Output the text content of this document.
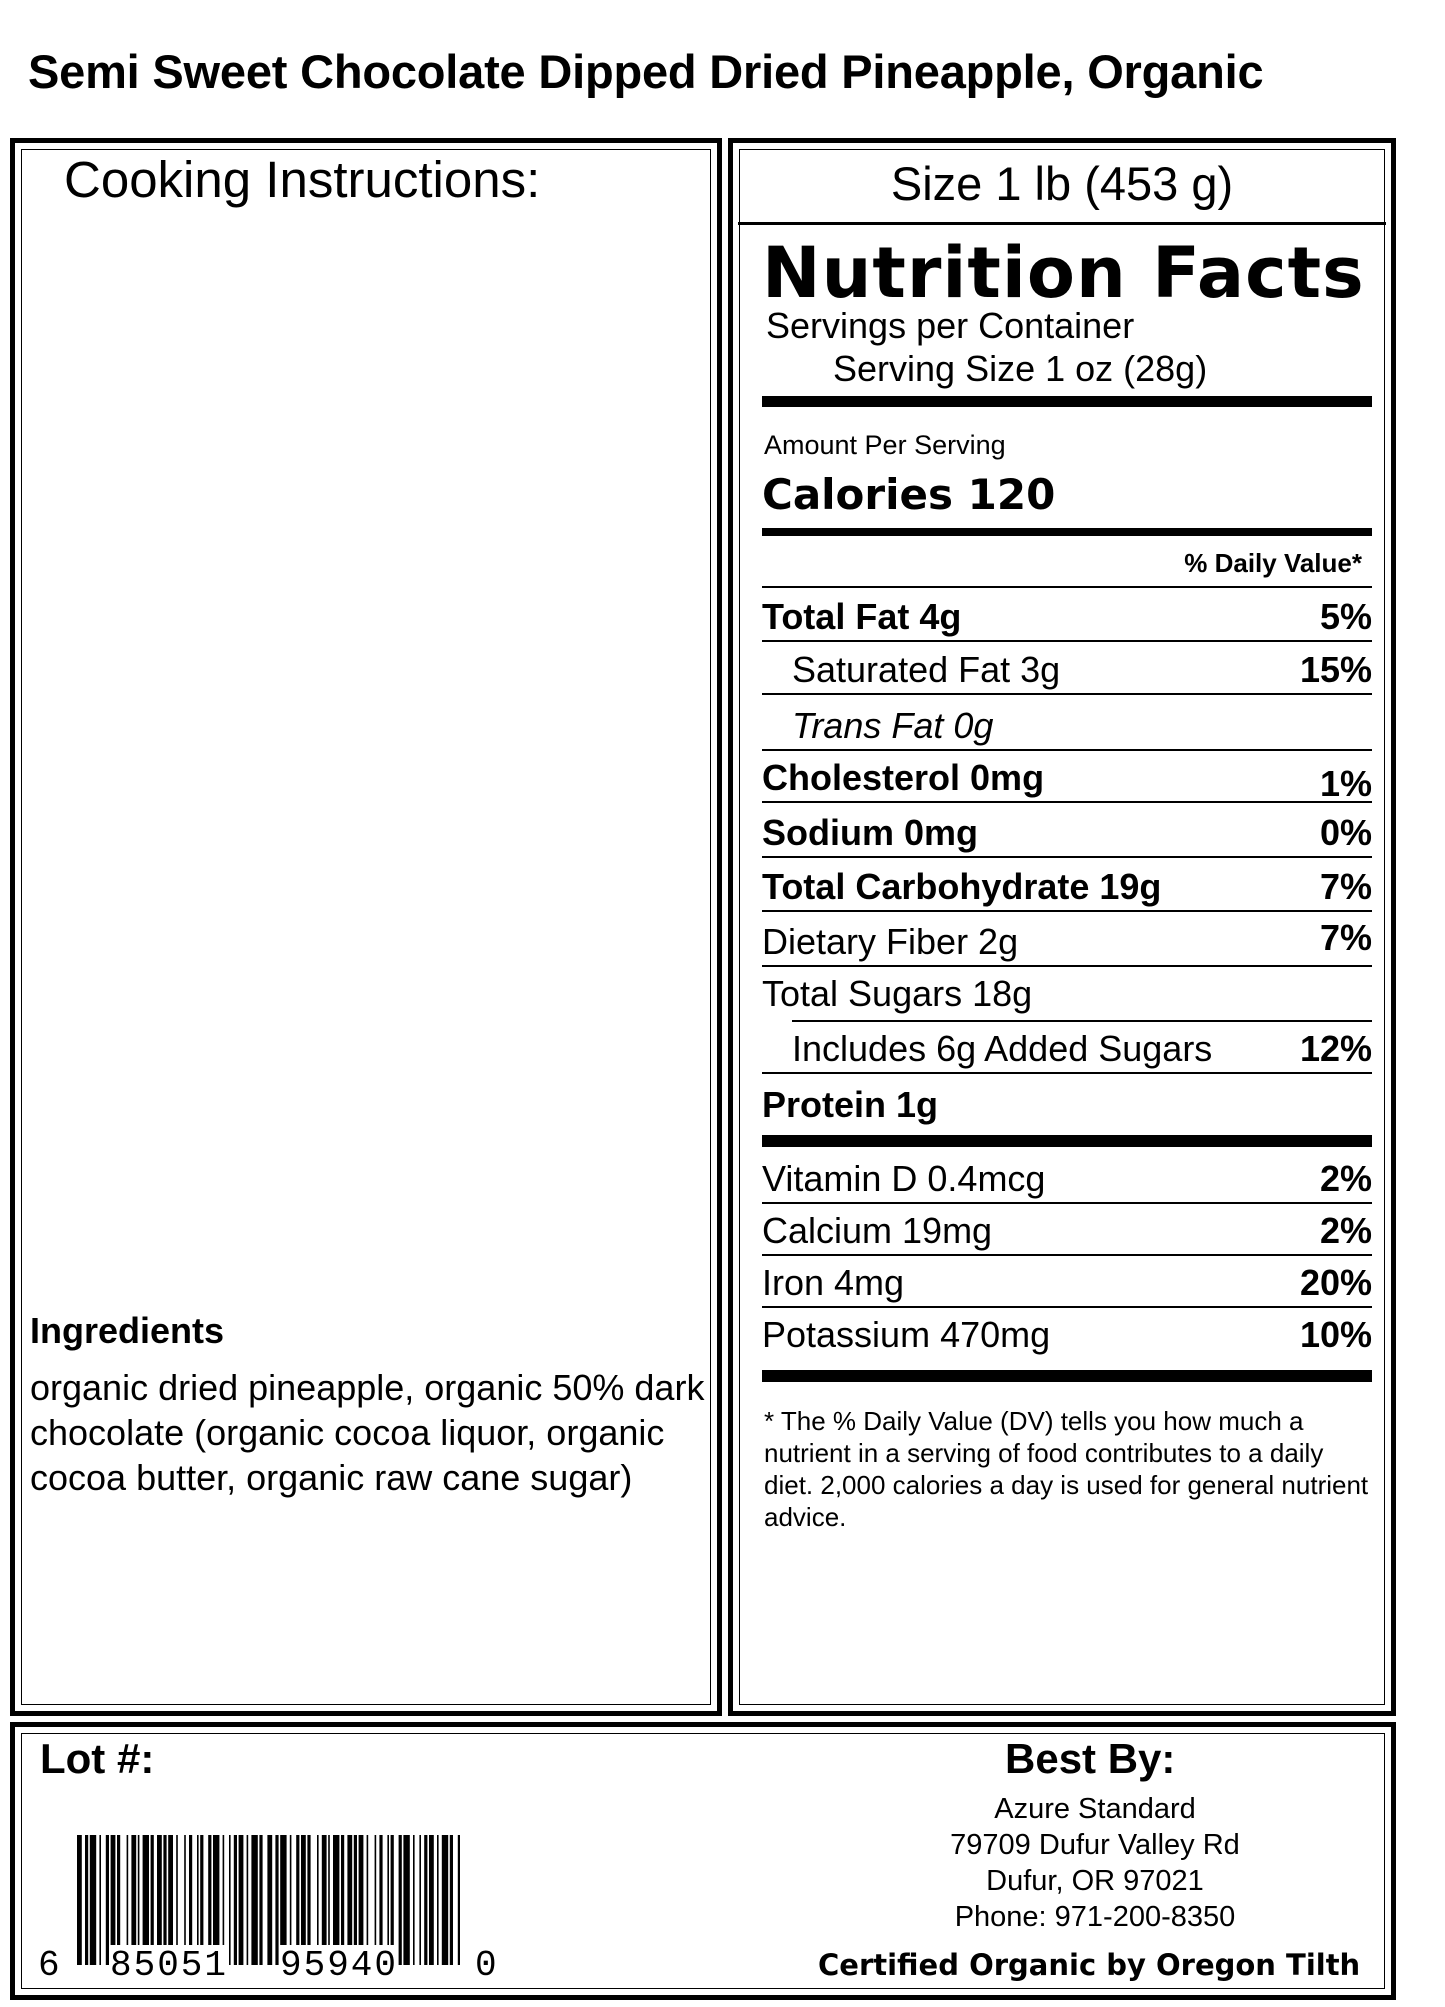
Semi Sweet Chocolate Dipped Dried Pineapple, Organic
Cooking Instructions:
Ingredients
organic dried pineapple, organic 50% dark chocolate (organic cocoa liquor, organic cocoa butter, organic raw cane sugar)
Size 1 lb (453 g)
Nutrition Facts
Servings per Container
Serving Size 1 oz (28g)
Amount Per Serving
Calories 120
% Daily Value*
Total Fat 4g	5%
Saturated Fat 3g	15%
Trans Fat 0g
Cholesterol 0mg	1%
Sodium 0mg	0%
Total Carbohydrate 19g	7%
Dietary Fiber 2g	7%
Total Sugars 18g
Includes 6g Added Sugars 12%
Protein 1g
Vitamin D 0.4mcg	2%
Calcium 19mg	2%
Iron 4mg	20%
Potassium 470mg	10%
* The % Daily Value (DV) tells you how much a nutrient in a serving of food contributes to a daily diet. 2,000 calories a day is used for general nutrient advice.
Lot #:	Best By:
Azure Standard
79709 Dufur Valley Rd
Dufur, OR 97021
Phone: 971-200-8350
Certified Organic by Oregon Tilth
6 85051 95940 0
